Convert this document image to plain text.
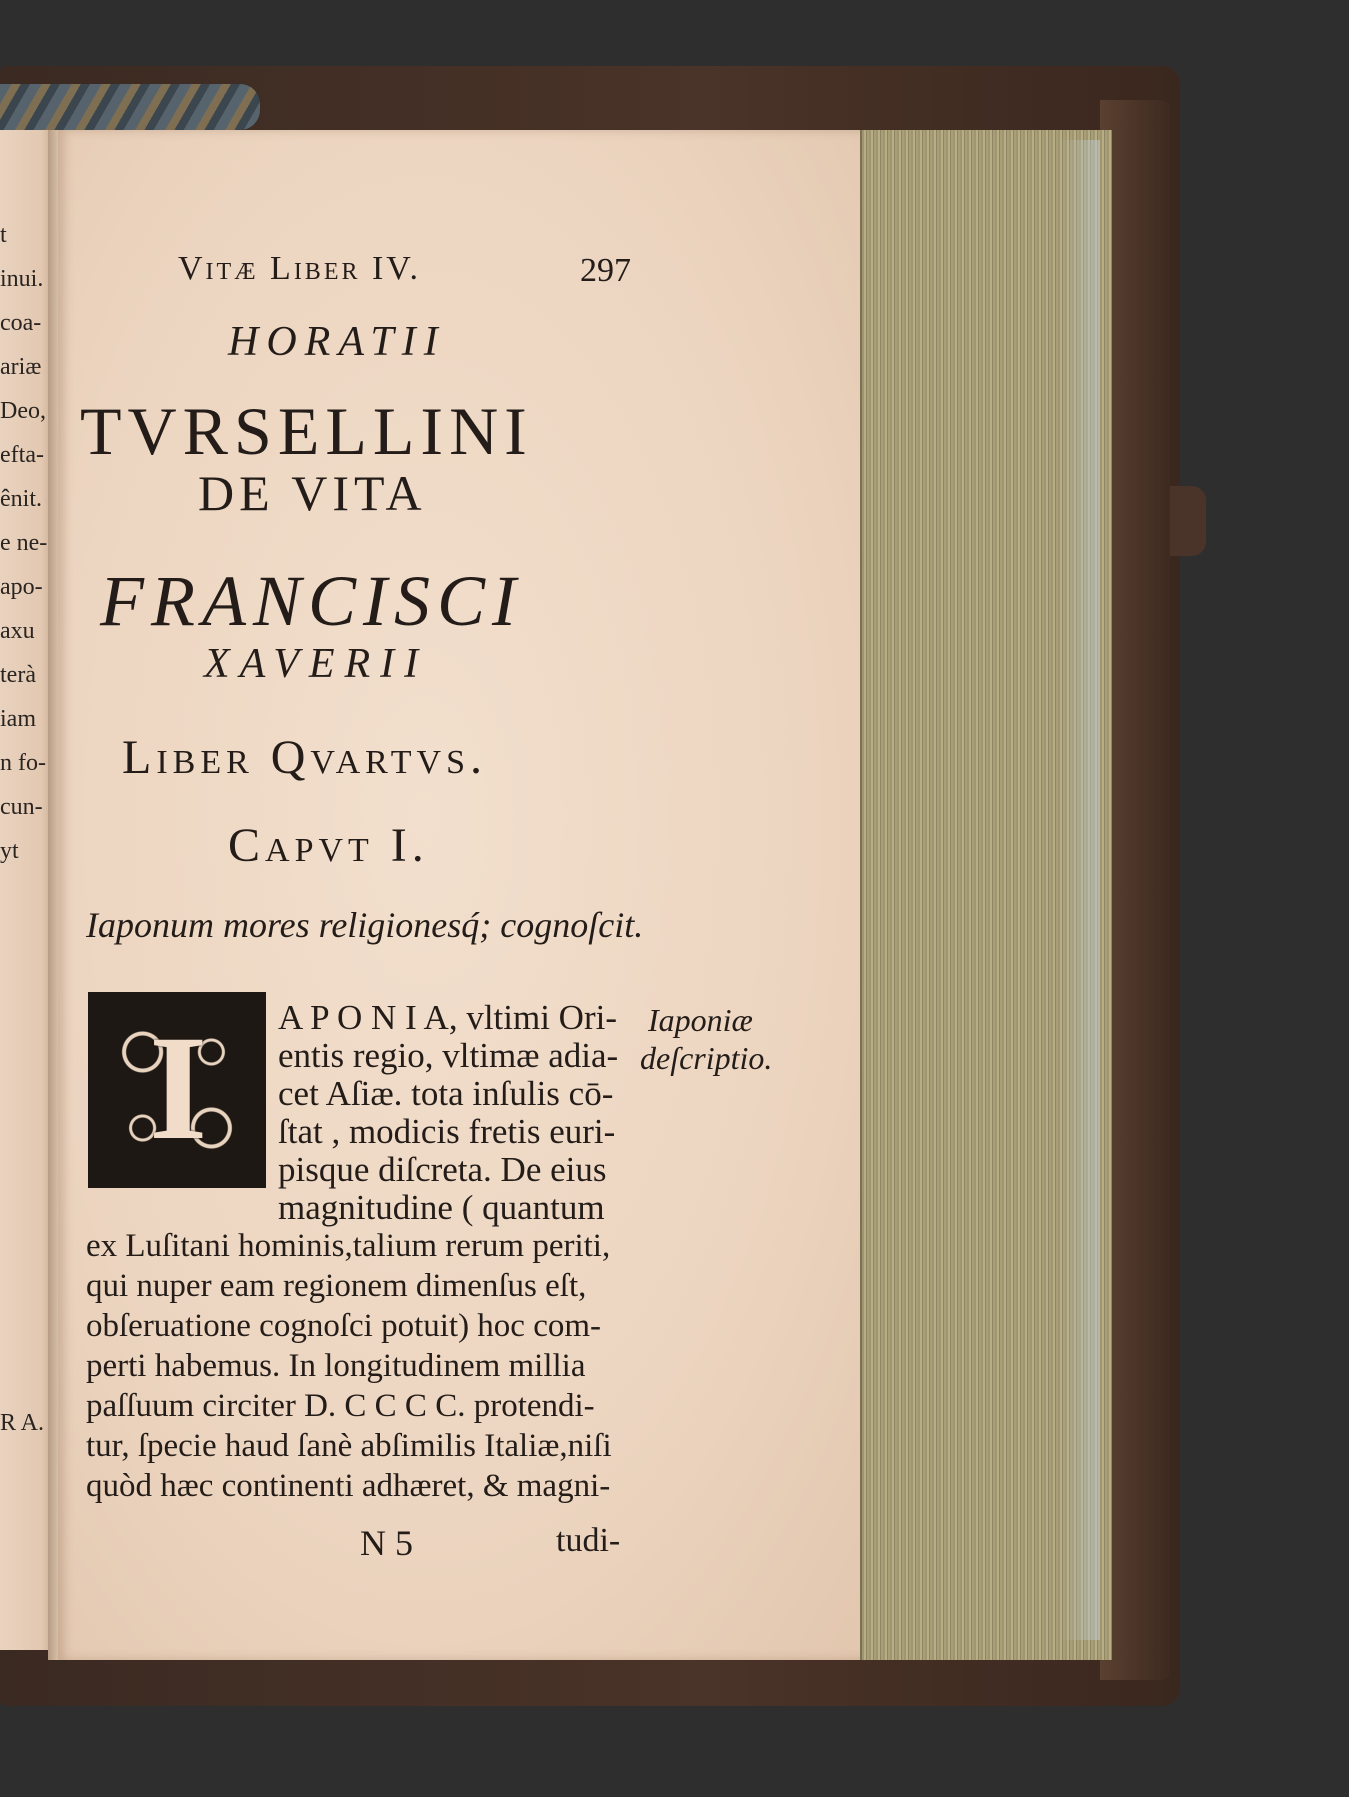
t
inui.
coa-
ariæ
Deo,
efta-
ênit.
e ne-
apo-
axu
terà
iam
n fo-
cun-
yt
R A.
Vitæ Liber IV.	297
HORATII
TVRSELLINI
DE VITA
FRANCISCI
XAVERII
Liber Qvartvs.
Capvt I.
Iaponum mores religionesq́; cognoſcit.
I A P O N I A, vltimi Ori-
entis regio, vltimæ adia-
cet Aſiæ. tota inſulis cō-
ſtat , modicis fretis euri-
pisque diſcreta. De eius
magnitudine ( quantum
ex Luſitani hominis,talium rerum periti,
qui nuper eam regionem dimenſus eſt,
obſeruatione cognoſci potuit) hoc com-
perti habemus. In longitudinem millia
paſſuum circiter D. C C C C. protendi-
tur, ſpecie haud ſanè abſimilis Italiæ,niſi
quòd hæc continenti adhæret, & magni-
Iaponiæ
deſcriptio.
N 5	tudi-
